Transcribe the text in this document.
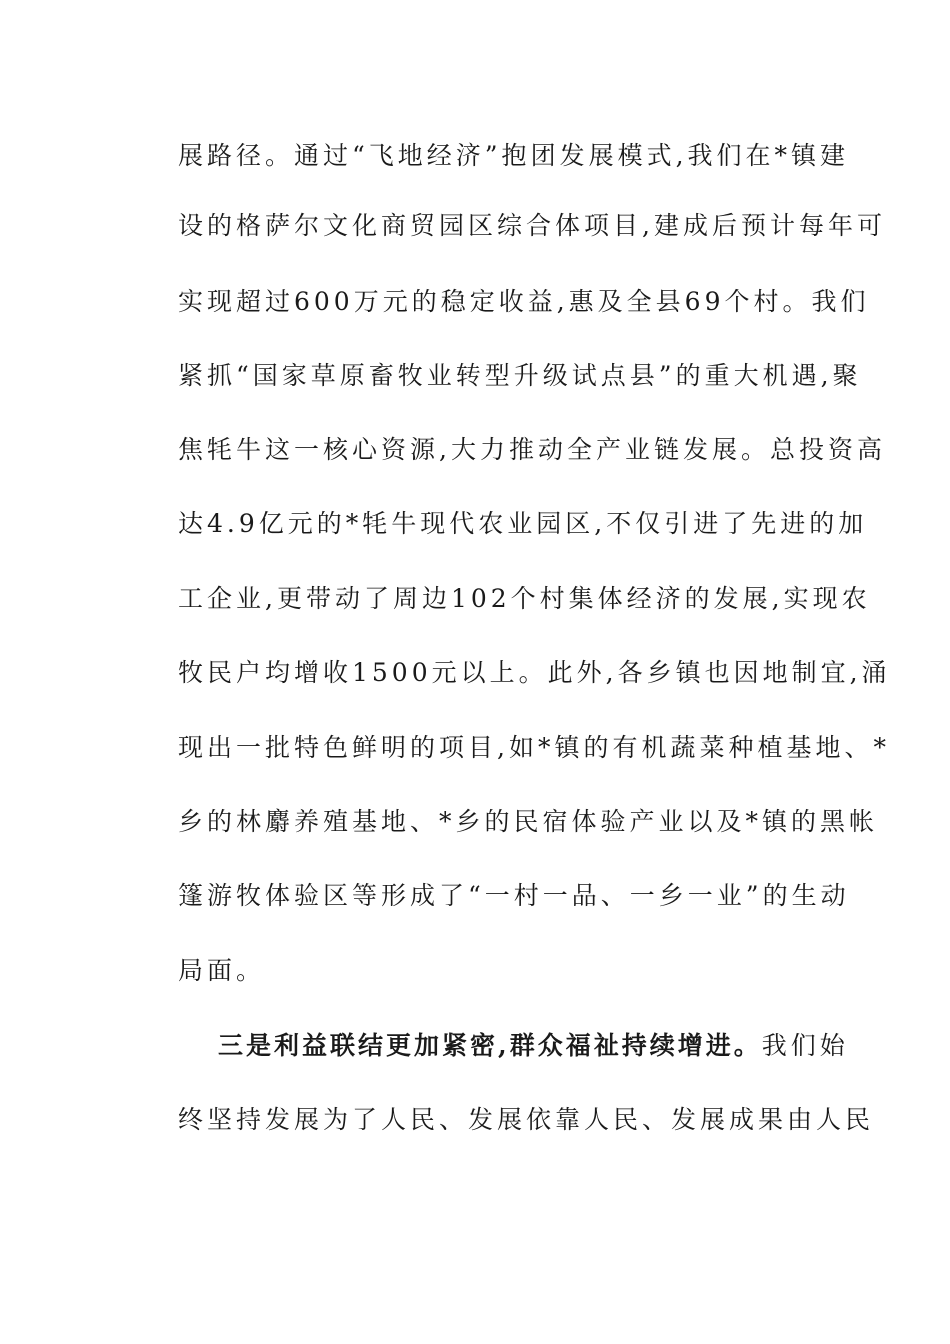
展路径。通过“飞地经济”抱团发展模式,我们在*镇建
设的格萨尔文化商贸园区综合体项目,建成后预计每年可
实现超过600万元的稳定收益,惠及全县69个村。我们
紧抓“国家草原畜牧业转型升级试点县”的重大机遇,聚
焦牦牛这一核心资源,大力推动全产业链发展。总投资高
达4.9亿元的*牦牛现代农业园区,不仅引进了先进的加
工企业,更带动了周边102个村集体经济的发展,实现农
牧民户均增收1500元以上。此外,各乡镇也因地制宜,涌
现出一批特色鲜明的项目,如*镇的有机蔬菜种植基地、*
乡的林麝养殖基地、*乡的民宿体验产业以及*镇的黑帐
篷游牧体验区等形成了“一村一品、一乡一业”的生动
局面。
三是利益联结更加紧密,群众福祉持续增进。我们始
终坚持发展为了人民、发展依靠人民、发展成果由人民
